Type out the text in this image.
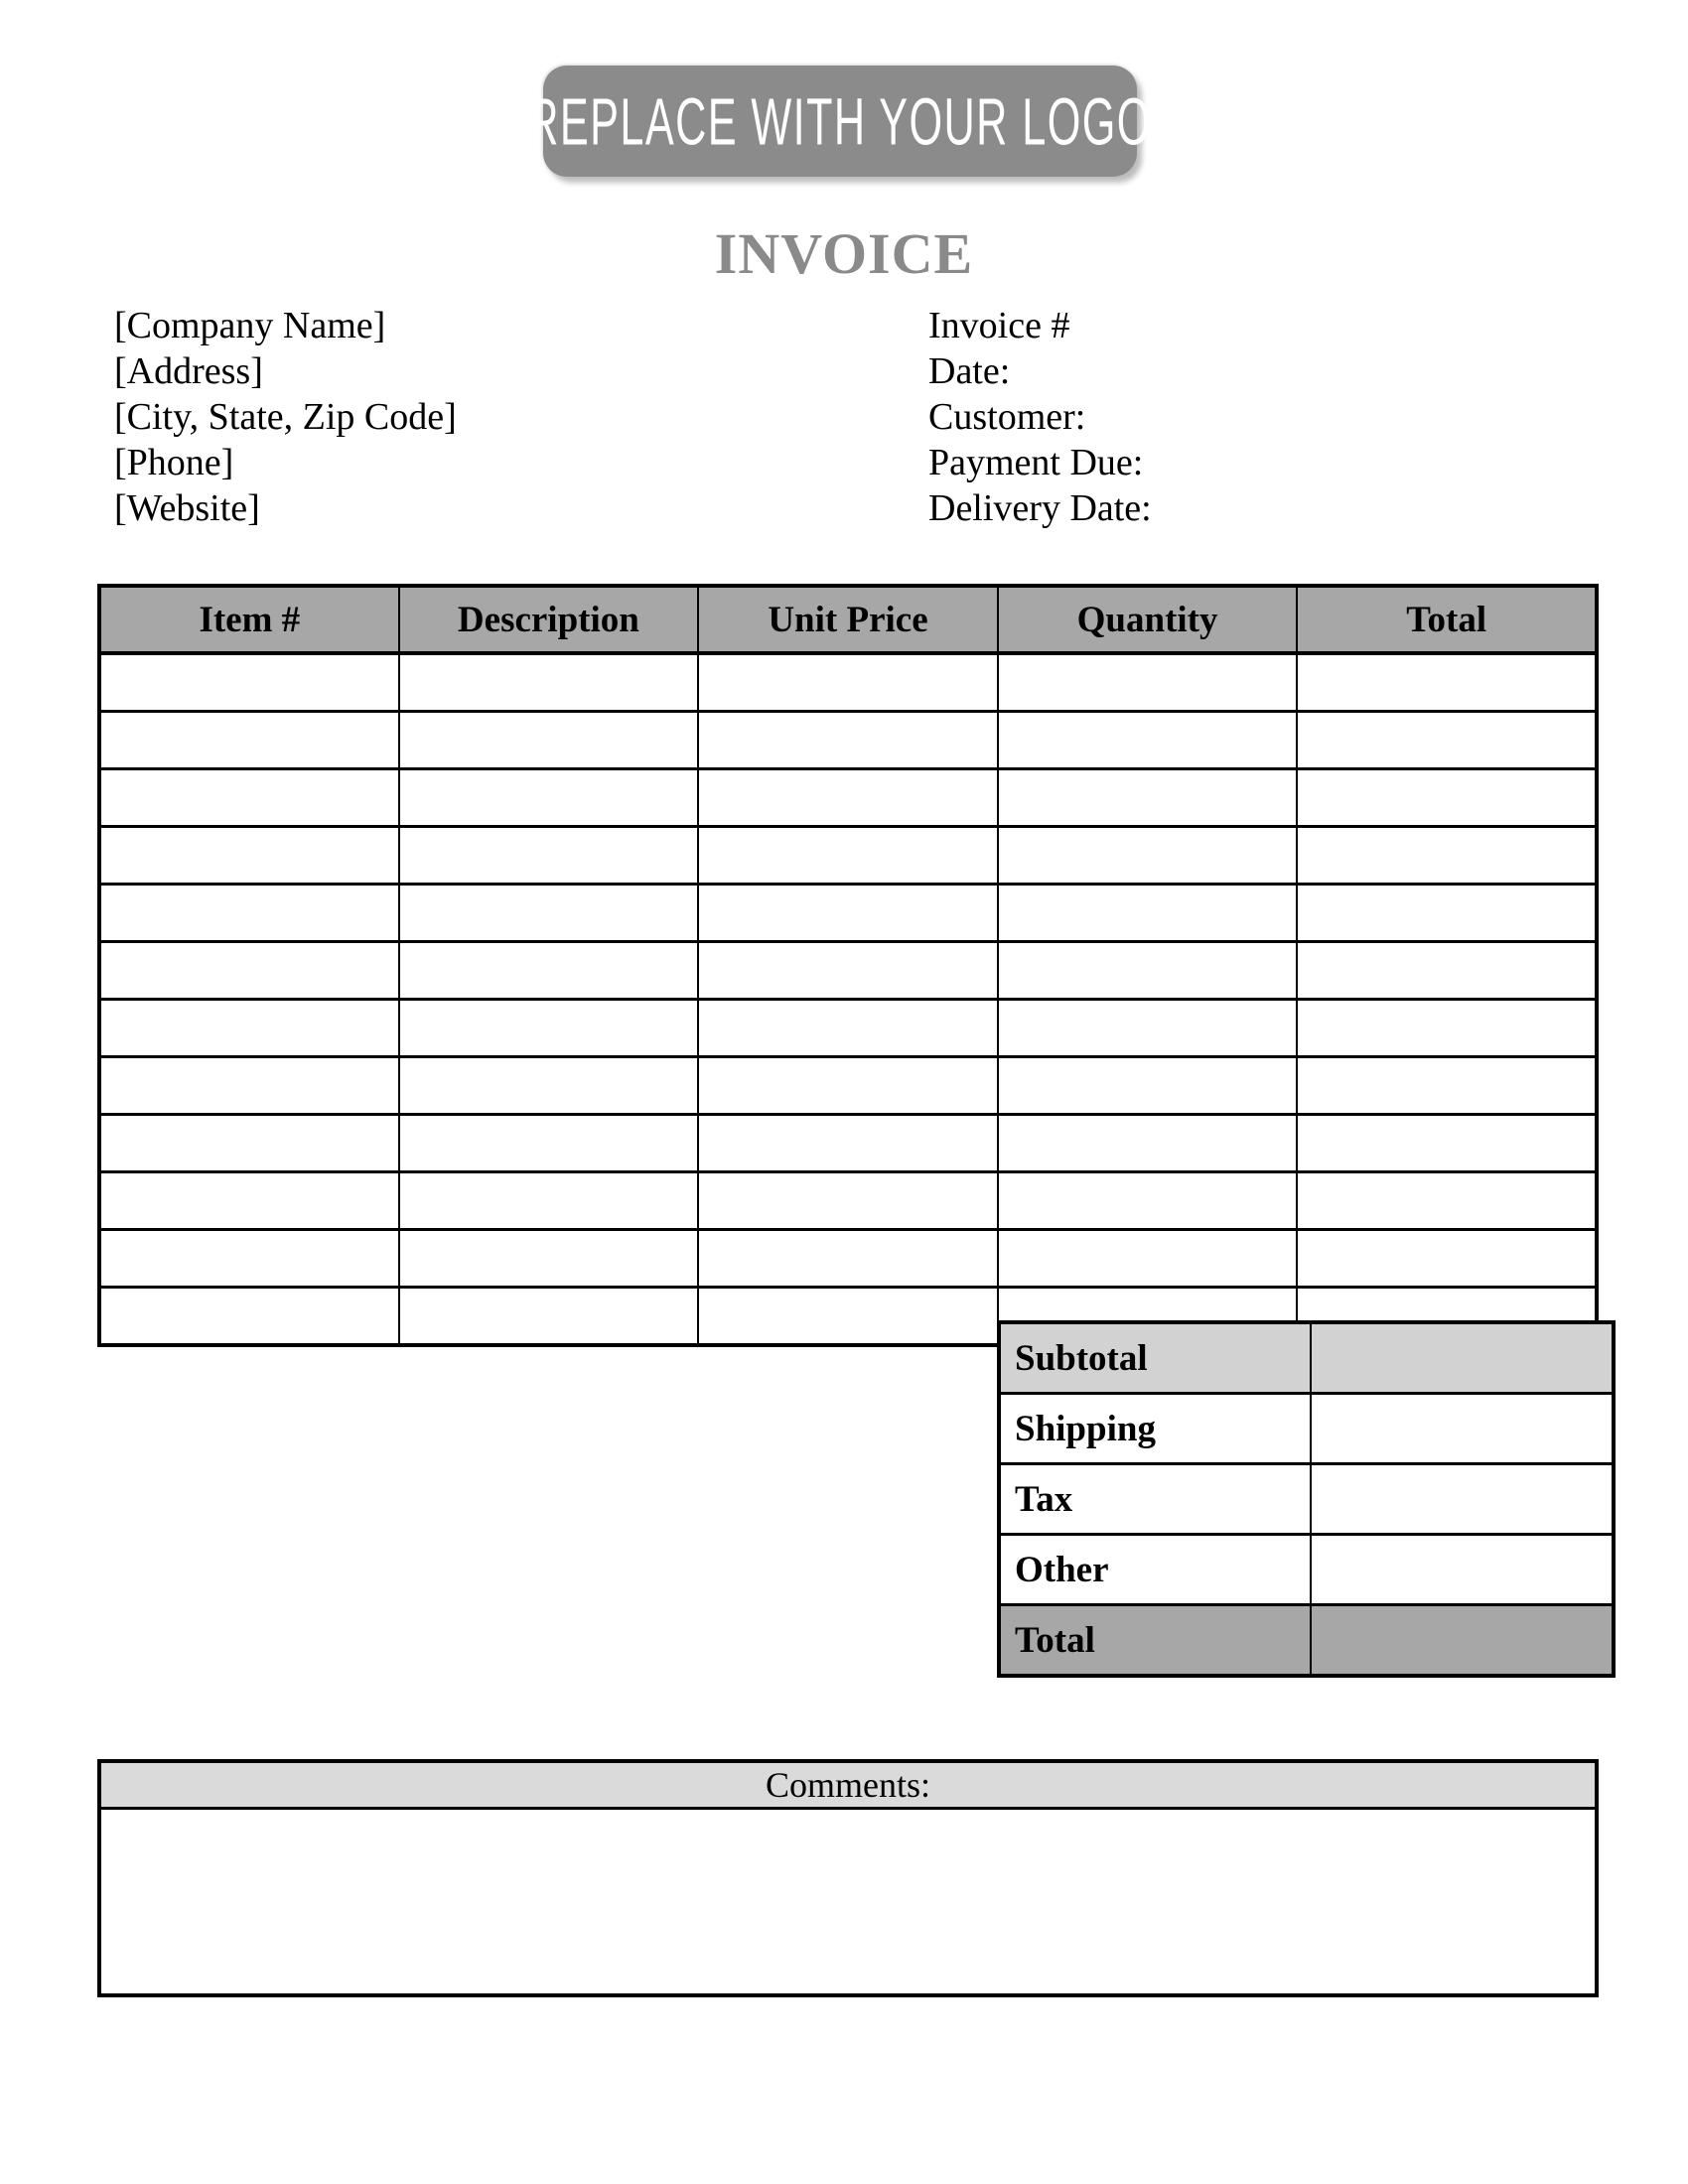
REPLACE WITH YOUR LOGO
INVOICE
[Company Name]
[Address]
[City, State, Zip Code]
[Phone]
[Website]
Invoice #
Date:
Customer:
Payment Due:
Delivery Date:
Item #	Description	Unit Price	Quantity	Total

Subtotal	
Shipping	
Tax	
Other	
Total	
Comments:
